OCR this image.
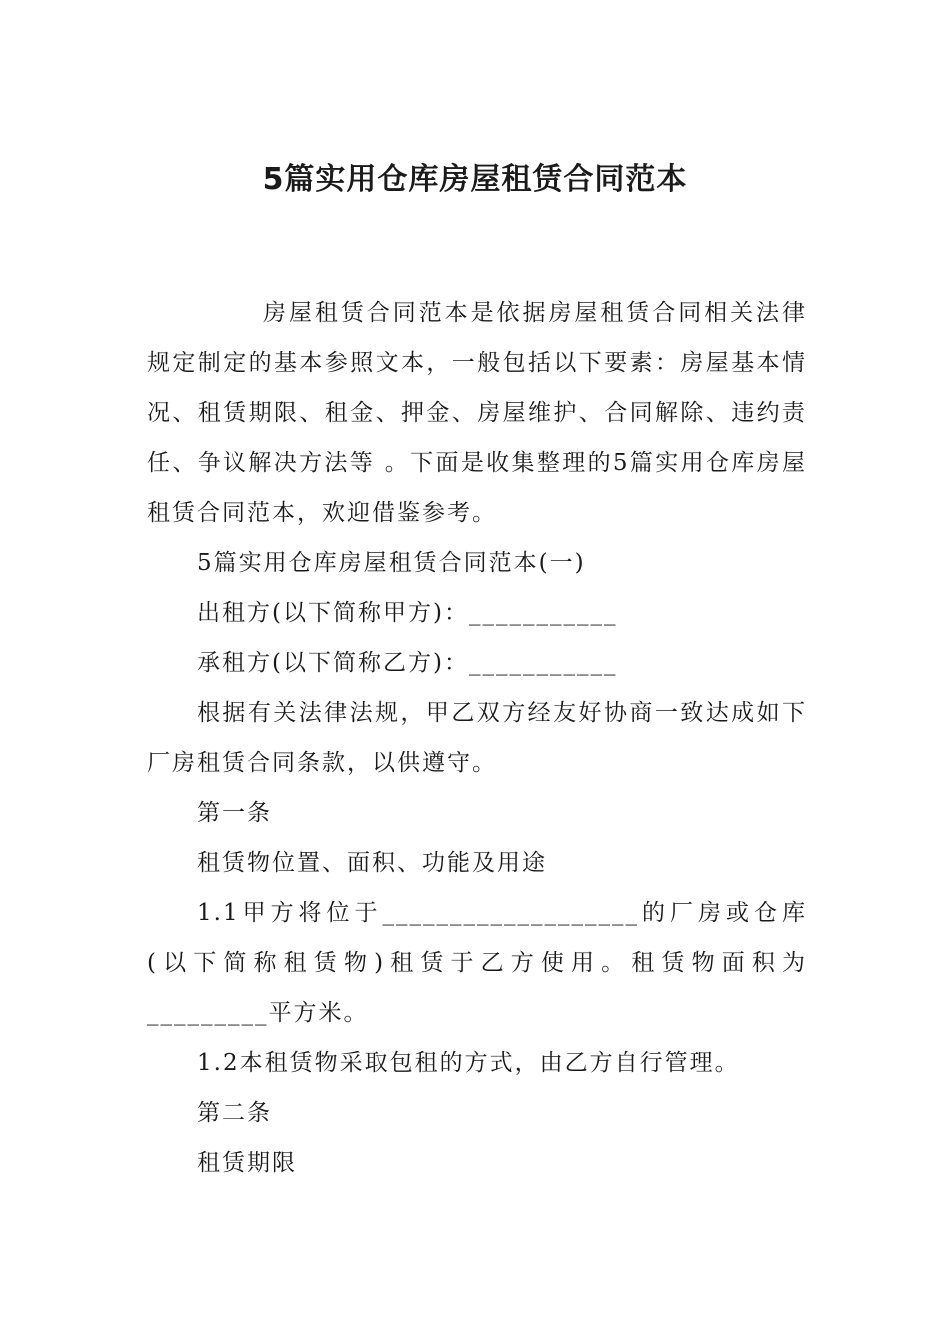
5篇实用仓库房屋租赁合同范本

房屋租赁合同范本是依据房屋租赁合同相关法律规定制定的基本参照文本，一般包括以下要素：房屋基本情况、租赁期限、租金、押金、房屋维护、合同解除、违约责任、争议解决方法等 。下面是收集整理的5篇实用仓库房屋租赁合同范本，欢迎借鉴参考。

5篇实用仓库房屋租赁合同范本(一)

出租方(以下简称甲方)：___________

承租方(以下简称乙方)：___________

根据有关法律法规，甲乙双方经友好协商一致达成如下厂房租赁合同条款，以供遵守。

第一条

租赁物位置、面积、功能及用途

1.1甲方将位于___________________的厂房或仓库(以下简称租赁物)租赁于乙方使用。租赁物面积为_________平方米。

1.2本租赁物采取包租的方式，由乙方自行管理。

第二条

租赁期限
